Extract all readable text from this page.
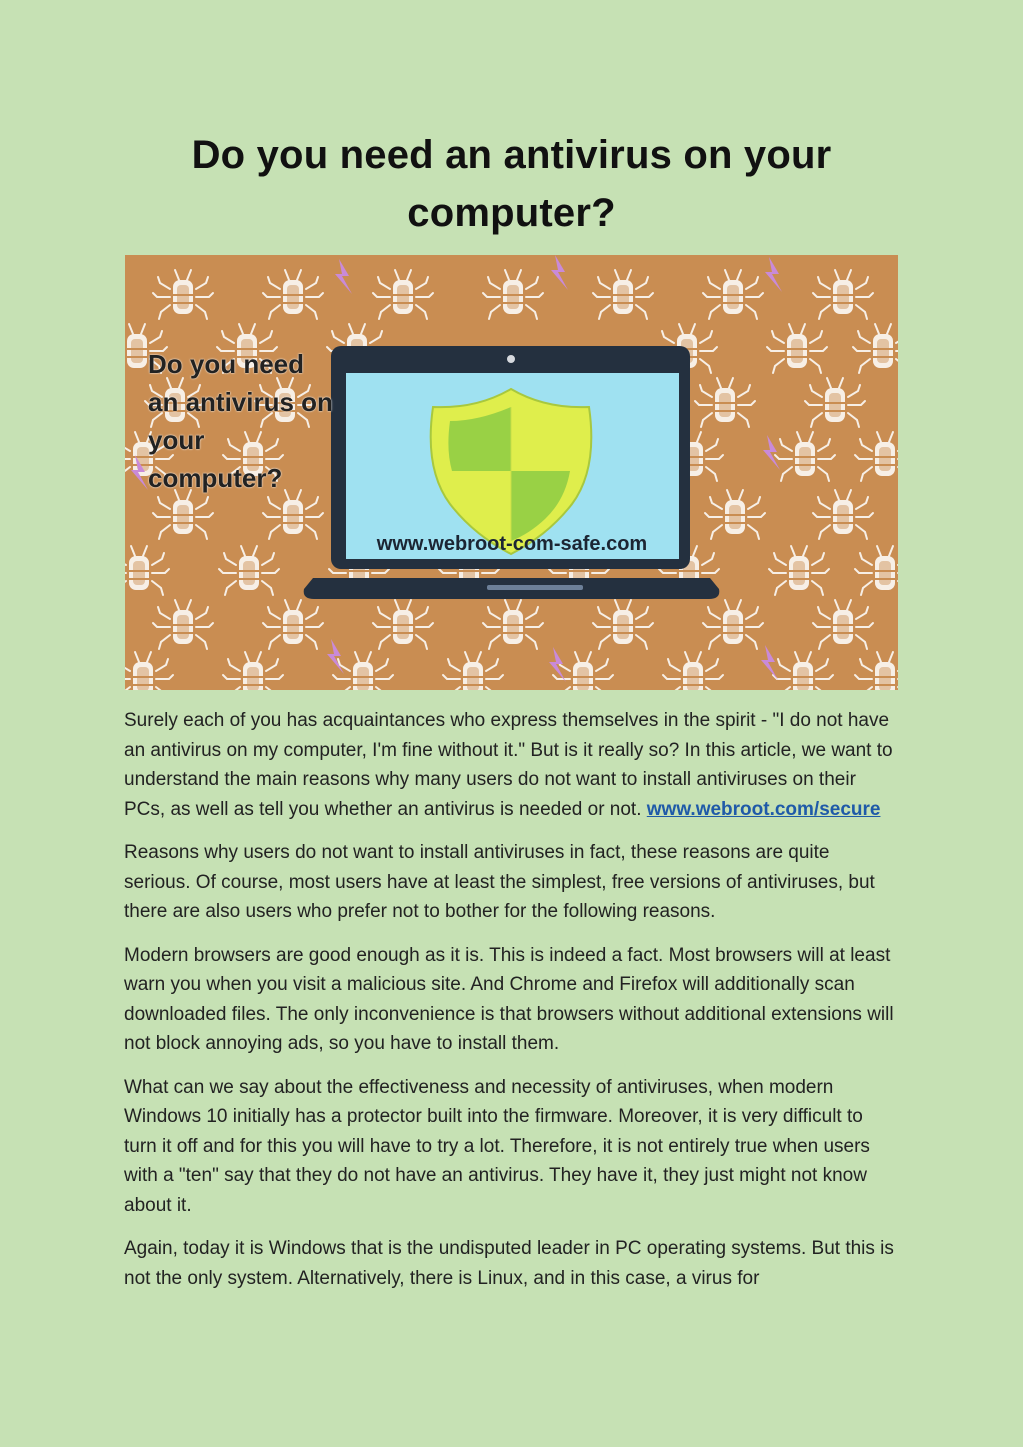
Do you need an antivirus on your computer?
Do you need an antivirus on your computer?
www.webroot-com-safe.com

Surely each of you has acquaintances who express themselves in the spirit - "I do not have an antivirus on my computer, I'm fine without it." But is it really so? In this article, we want to understand the main reasons why many users do not want to install antiviruses on their PCs, as well as tell you whether an antivirus is needed or not. www.webroot.com/secure

Reasons why users do not want to install antiviruses in fact, these reasons are quite serious. Of course, most users have at least the simplest, free versions of antiviruses, but there are also users who prefer not to bother for the following reasons.

Modern browsers are good enough as it is. This is indeed a fact. Most browsers will at least warn you when you visit a malicious site. And Chrome and Firefox will additionally scan downloaded files. The only inconvenience is that browsers without additional extensions will not block annoying ads, so you have to install them.

What can we say about the effectiveness and necessity of antiviruses, when modern Windows 10 initially has a protector built into the firmware. Moreover, it is very difficult to turn it off and for this you will have to try a lot. Therefore, it is not entirely true when users with a "ten" say that they do not have an antivirus. They have it, they just might not know about it.

Again, today it is Windows that is the undisputed leader in PC operating systems. But this is not the only system. Alternatively, there is Linux, and in this case, a virus for
